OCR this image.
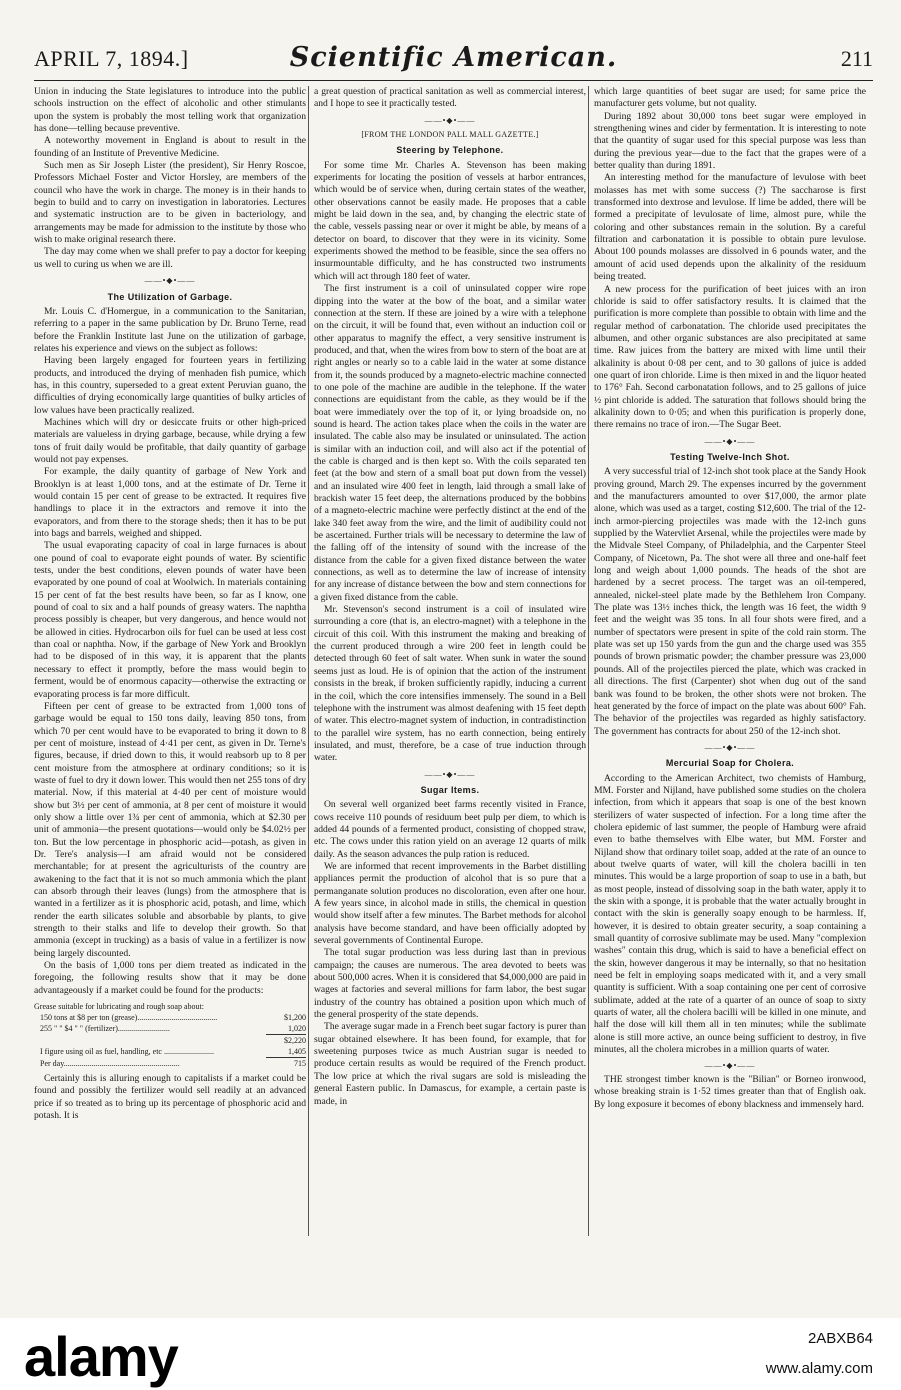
APRIL 7, 1894.]	Scientific American.	211

Union in inducing the State legislatures to introduce into the public schools instruction on the effect of alcoholic and other stimulants upon the system is probably the most telling work that organization has done—telling because preventive.

A noteworthy movement in England is about to result in the founding of an Institute of Preventive Medicine.

Such men as Sir Joseph Lister (the president), Sir Henry Roscoe, Professors Michael Foster and Victor Horsley, are members of the council who have the work in charge. The money is in their hands to begin to build and to carry on investigation in laboratories. Lectures and systematic instruction are to be given in bacteriology, and arrangements may be made for admission to the institute by those who wish to make original research there.

The day may come when we shall prefer to pay a doctor for keeping us well to curing us when we are ill.

——•◆•——
The Utilization of Garbage.

Mr. Louis C. d'Homergue, in a communication to the Sanitarian, referring to a paper in the same publication by Dr. Bruno Terne, read before the Franklin Institute last June on the utilization of garbage, relates his experience and views on the subject as follows:

Having been largely engaged for fourteen years in fertilizing products, and introduced the drying of menhaden fish pumice, which has, in this country, superseded to a great extent Peruvian guano, the difficulties of drying economically large quantities of bulky articles of low values have been practically realized.

Machines which will dry or desiccate fruits or other high-priced materials are valueless in drying garbage, because, while drying a few tons of fruit daily would be profitable, that daily quantity of garbage would not pay expenses.

For example, the daily quantity of garbage of New York and Brooklyn is at least 1,000 tons, and at the estimate of Dr. Terne it would contain 15 per cent of grease to be extracted. It requires five handlings to place it in the extractors and remove it into the evaporators, and from there to the storage sheds; then it has to be put into bags and barrels, weighed and shipped.

The usual evaporating capacity of coal in large furnaces is about one pound of coal to evaporate eight pounds of water. By scientific tests, under the best conditions, eleven pounds of water have been evaporated by one pound of coal at Woolwich. In materials containing 15 per cent of fat the best results have been, so far as I know, one pound of coal to six and a half pounds of greasy waters. The naphtha process possibly is cheaper, but very dangerous, and hence would not be allowed in cities. Hydrocarbon oils for fuel can be used at less cost than coal or naphtha. Now, if the garbage of New York and Brooklyn had to be disposed of in this way, it is apparent that the plants necessary to effect it promptly, before the mass would begin to ferment, would be of enormous capacity—otherwise the extracting or evaporating process is far more difficult.

Fifteen per cent of grease to be extracted from 1,000 tons of garbage would be equal to 150 tons daily, leaving 850 tons, from which 70 per cent would have to be evaporated to bring it down to 8 per cent of moisture, instead of 4·41 per cent, as given in Dr. Terne's figures, because, if dried down to this, it would reabsorb up to 8 per cent moisture from the atmosphere at ordinary conditions; so it is waste of fuel to dry it down lower. This would then net 255 tons of dry material. Now, if this material at 4·40 per cent of moisture would show but 3½ per cent of ammonia, at 8 per cent of moisture it would only show a little over 1¾ per cent of ammonia, which at $2.30 per unit of ammonia—the present quotations—would only be $4.02½ per ton. But the low percentage in phosphoric acid—potash, as given in Dr. Tere's analysis—I am afraid would not be considered merchantable; for at present the agriculturists of the country are awakening to the fact that it is not so much ammonia which the plant can absorb through their leaves (lungs) from the atmosphere that is wanted in a fertilizer as it is phosphoric acid, potash, and lime, which render the earth silicates soluble and absorbable by plants, to give strength to their stalks and life to develop their growth. So that ammonia (except in trucking) as a basis of value in a fertilizer is now being largely discounted.

On the basis of 1,000 tons per diem treated as indicated in the foregoing, the following results show that it may be done advantageously if a market could be found for the products:

Grease suitable for lubricating and rough soap about:
150 tons at $8 per ton (grease)........................................	$1,200
255 " " $4 " " (fertilizer)..........................	1,020
$2,220
I figure using oil as fuel, handling, etc .........................	1,405
Per day..........................................................	715

Certainly this is alluring enough to capitalists if a market could be found and possibly the fertilizer would sell readily at an advanced price if so treated as to bring up its percentage of phosphoric acid and potash. It is

a great question of practical sanitation as well as commercial interest, and I hope to see it practically tested.

——•◆•——
[FROM THE LONDON PALL MALL GAZETTE.]
Steering by Telephone.

For some time Mr. Charles A. Stevenson has been making experiments for locating the position of vessels at harbor entrances, which would be of service when, during certain states of the weather, other observations cannot be easily made. He proposes that a cable might be laid down in the sea, and, by changing the electric state of the cable, vessels passing near or over it might be able, by means of a detector on board, to discover that they were in its vicinity. Some experiments showed the method to be feasible, since the sea offers no insurmountable difficulty, and he has constructed two instruments which will act through 180 feet of water.

The first instrument is a coil of uninsulated copper wire rope dipping into the water at the bow of the boat, and a similar water connection at the stern. If these are joined by a wire with a telephone on the circuit, it will be found that, even without an induction coil or other apparatus to magnify the effect, a very sensitive instrument is produced, and that, when the wires from bow to stern of the boat are at right angles or nearly so to a cable laid in the water at some distance from it, the sounds produced by a magneto-electric machine connected to one pole of the machine are audible in the telephone. If the water connections are equidistant from the cable, as they would be if the boat were immediately over the top of it, or lying broadside on, no sound is heard. The action takes place when the coils in the water are insulated. The cable also may be insulated or uninsulated. The action is similar with an induction coil, and will also act if the potential of the cable is charged and is then kept so. With the coils separated ten feet (at the bow and stern of a small boat put down from the vessel) and an insulated wire 400 feet in length, laid through a small lake of brackish water 15 feet deep, the alternations produced by the bobbins of a magneto-electric machine were perfectly distinct at the end of the lake 340 feet away from the wire, and the limit of audibility could not be ascertained. Further trials will be necessary to determine the law of the falling off of the intensity of sound with the increase of the distance from the cable for a given fixed distance between the water connections, as well as to determine the law of increase of intensity for any increase of distance between the bow and stern connections for a given fixed distance from the cable.

Mr. Stevenson's second instrument is a coil of insulated wire surrounding a core (that is, an electro-magnet) with a telephone in the circuit of this coil. With this instrument the making and breaking of the current produced through a wire 200 feet in length could be detected through 60 feet of salt water. When sunk in water the sound seems just as loud. He is of opinion that the action of the instrument consists in the break, if broken sufficiently rapidly, inducing a current in the coil, which the core intensifies immensely. The sound in a Bell telephone with the instrument was almost deafening with 15 feet depth of water. This electro-magnet system of induction, in contradistinction to the parallel wire system, has no earth connection, being entirely insulated, and must, therefore, be a case of true induction through water.

——•◆•——
Sugar Items.

On several well organized beet farms recently visited in France, cows receive 110 pounds of residuum beet pulp per diem, to which is added 44 pounds of a fermented product, consisting of chopped straw, etc. The cows under this ration yield on an average 12 quarts of milk daily. As the season advances the pulp ration is reduced.

We are informed that recent improvements in the Barbet distilling appliances permit the production of alcohol that is so pure that a permanganate solution produces no discoloration, even after one hour. A few years since, in alcohol made in stills, the chemical in question would show itself after a few minutes. The Barbet methods for alcohol analysis have become standard, and have been officially adopted by several governments of Continental Europe.

The total sugar production was less during last than in previous campaign; the causes are numerous. The area devoted to beets was about 500,000 acres. When it is considered that $4,000,000 are paid in wages at factories and several millions for farm labor, the best sugar industry of the country has obtained a position upon which much of the general prosperity of the state depends.

The average sugar made in a French beet sugar factory is purer than sugar obtained elsewhere. It has been found, for example, that for sweetening purposes twice as much Austrian sugar is needed to produce certain results as would be required of the French product. The low price at which the rival sugars are sold is misleading the general Eastern public. In Damascus, for example, a certain paste is made, in

which large quantities of beet sugar are used; for same price the manufacturer gets volume, but not quality.

During 1892 about 30,000 tons beet sugar were employed in strengthening wines and cider by fermentation. It is interesting to note that the quantity of sugar used for this special purpose was less than during the previous year—due to the fact that the grapes were of a better quality than during 1891.

An interesting method for the manufacture of levulose with beet molasses has met with some success (?) The saccharose is first transformed into dextrose and levulose. If lime be added, there will be formed a precipitate of levulosate of lime, almost pure, while the coloring and other substances remain in the solution. By a careful filtration and carbonatation it is possible to obtain pure levulose. About 100 pounds molasses are dissolved in 6 pounds water, and the amount of acid used depends upon the alkalinity of the residuum being treated.

A new process for the purification of beet juices with an iron chloride is said to offer satisfactory results. It is claimed that the purification is more complete than possible to obtain with lime and the regular method of carbonatation. The chloride used precipitates the albumen, and other organic substances are also precipitated at same time. Raw juices from the battery are mixed with lime until their alkalinity is about 0·08 per cent, and to 30 gallons of juice is added one quart of iron chloride. Lime is then mixed in and the liquor heated to 176° Fah. Second carbonatation follows, and to 25 gallons of juice ½ pint chloride is added. The saturation that follows should bring the alkalinity down to 0·05; and when this purification is properly done, there remains no trace of iron.—The Sugar Beet.

——•◆•——
Testing Twelve-Inch Shot.

A very successful trial of 12-inch shot took place at the Sandy Hook proving ground, March 29. The expenses incurred by the government and the manufacturers amounted to over $17,000, the armor plate alone, which was used as a target, costing $12,600. The trial of the 12-inch armor-piercing projectiles was made with the 12-inch guns supplied by the Watervliet Arsenal, while the projectiles were made by the Midvale Steel Company, of Philadelphia, and the Carpenter Steel Company, of Nicetown, Pa. The shot were all three and one-half feet long and weigh about 1,000 pounds. The heads of the shot are hardened by a secret process. The target was an oil-tempered, annealed, nickel-steel plate made by the Bethlehem Iron Company. The plate was 13½ inches thick, the length was 16 feet, the width 9 feet and the weight was 35 tons. In all four shots were fired, and a number of spectators were present in spite of the cold rain storm. The plate was set up 150 yards from the gun and the charge used was 355 pounds of brown prismatic powder; the chamber pressure was 23,000 pounds. All of the projectiles pierced the plate, which was cracked in all directions. The first (Carpenter) shot when dug out of the sand bank was found to be broken, the other shots were not broken. The heat generated by the force of impact on the plate was about 600° Fah. The behavior of the projectiles was regarded as highly satisfactory. The government has contracts for about 250 of the 12-inch shot.

——•◆•——
Mercurial Soap for Cholera.

According to the American Architect, two chemists of Hamburg, MM. Forster and Nijland, have published some studies on the cholera infection, from which it appears that soap is one of the best known sterilizers of water suspected of infection. For a long time after the cholera epidemic of last summer, the people of Hamburg were afraid even to bathe themselves with Elbe water, but MM. Forster and Nijland show that ordinary toilet soap, added at the rate of an ounce to about twelve quarts of water, will kill the cholera bacilli in ten minutes. This would be a large proportion of soap to use in a bath, but as most people, instead of dissolving soap in the bath water, apply it to the skin with a sponge, it is probable that the water actually brought in contact with the skin is generally soapy enough to be harmless. If, however, it is desired to obtain greater security, a soap containing a small quantity of corrosive sublimate may be used. Many "complexion washes" contain this drug, which is said to have a beneficial effect on the skin, however dangerous it may be internally, so that no hesitation need be felt in employing soaps medicated with it, and a very small quantity is sufficient. With a soap containing one per cent of corrosive sublimate, added at the rate of a quarter of an ounce of soap to sixty quarts of water, all the cholera bacilli will be killed in one minute, and half the dose will kill them all in ten minutes; while the sublimate alone is still more active, an ounce being sufficient to destroy, in five minutes, all the cholera microbes in a million quarts of water.

——•◆•——

THE strongest timber known is the "Bilian" or Borneo ironwood, whose breaking strain is 1·52 times greater than that of English oak. By long exposure it becomes of ebony blackness and immensely hard.

alamy	2ABXB64
www.alamy.com
